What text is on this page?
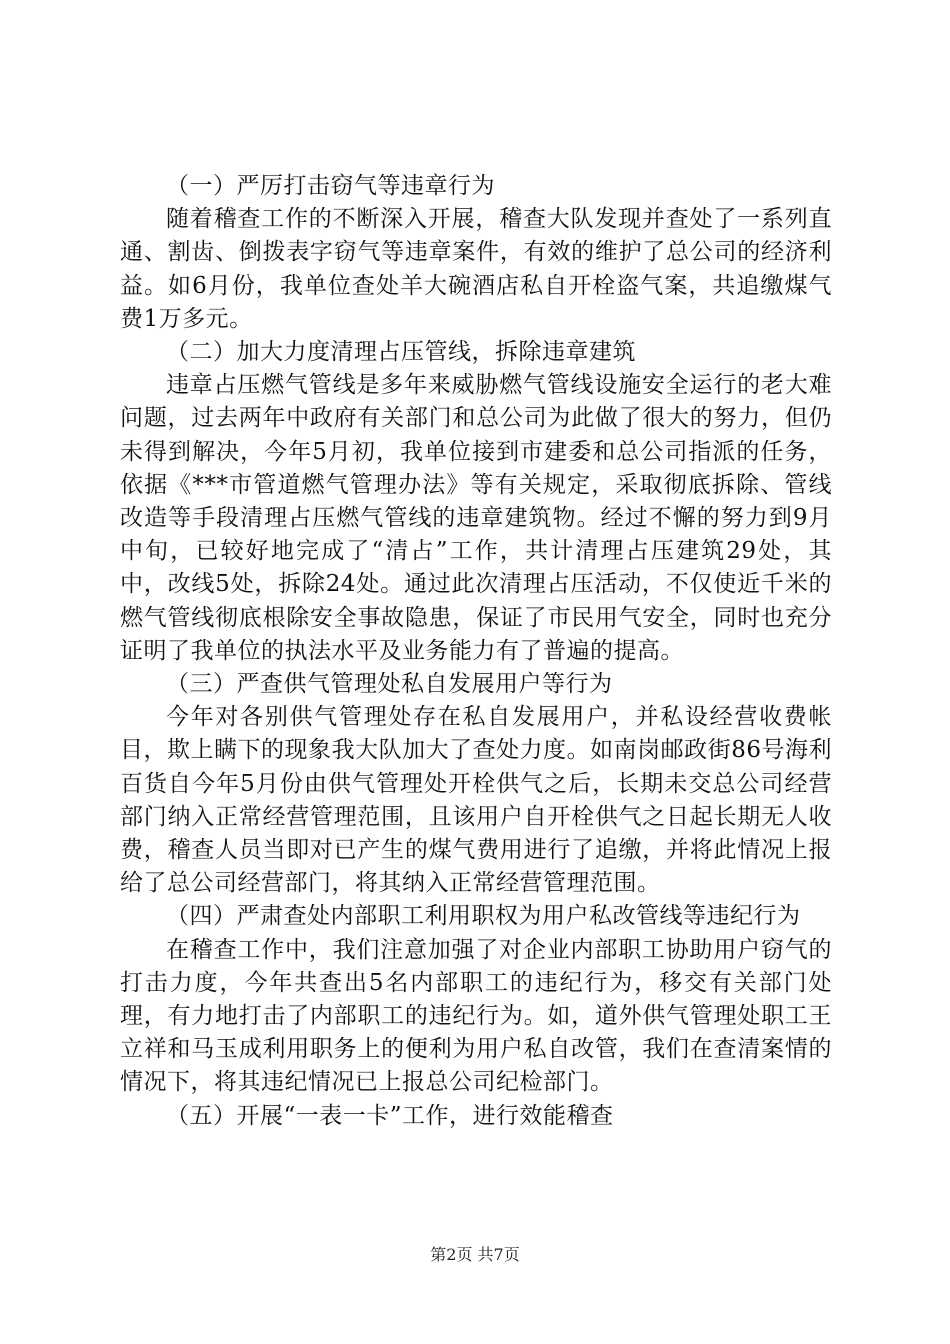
（一）严厉打击窃气等违章行为

随着稽查工作的不断深入开展，稽查大队发现并查处了一系列直通、割齿、倒拨表字窃气等违章案件，有效的维护了总公司的经济利益。如6月份，我单位查处羊大碗酒店私自开栓盗气案，共追缴煤气费1万多元。

（二）加大力度清理占压管线，拆除违章建筑

违章占压燃气管线是多年来威胁燃气管线设施安全运行的老大难问题，过去两年中政府有关部门和总公司为此做了很大的努力，但仍未得到解决，今年5月初，我单位接到市建委和总公司指派的任务，依据《***市管道燃气管理办法》等有关规定，采取彻底拆除、管线改造等手段清理占压燃气管线的违章建筑物。经过不懈的努力到9月中旬，已较好地完成了“清占”工作，共计清理占压建筑29处，其中，改线5处，拆除24处。通过此次清理占压活动，不仅使近千米的燃气管线彻底根除安全事故隐患，保证了市民用气安全，同时也充分证明了我单位的执法水平及业务能力有了普遍的提高。

（三）严查供气管理处私自发展用户等行为

今年对各别供气管理处存在私自发展用户，并私设经营收费帐目，欺上瞒下的现象我大队加大了查处力度。如南岗邮政街86号海利百货自今年5月份由供气管理处开栓供气之后，长期未交总公司经营部门纳入正常经营管理范围，且该用户自开栓供气之日起长期无人收费，稽查人员当即对已产生的煤气费用进行了追缴，并将此情况上报给了总公司经营部门，将其纳入正常经营管理范围。

（四）严肃查处内部职工利用职权为用户私改管线等违纪行为

在稽查工作中，我们注意加强了对企业内部职工协助用户窃气的打击力度，今年共查出5名内部职工的违纪行为，移交有关部门处理，有力地打击了内部职工的违纪行为。如，道外供气管理处职工王立祥和马玉成利用职务上的便利为用户私自改管，我们在查清案情的情况下，将其违纪情况已上报总公司纪检部门。

（五）开展“一表一卡”工作，进行效能稽查

第2页 共7页
